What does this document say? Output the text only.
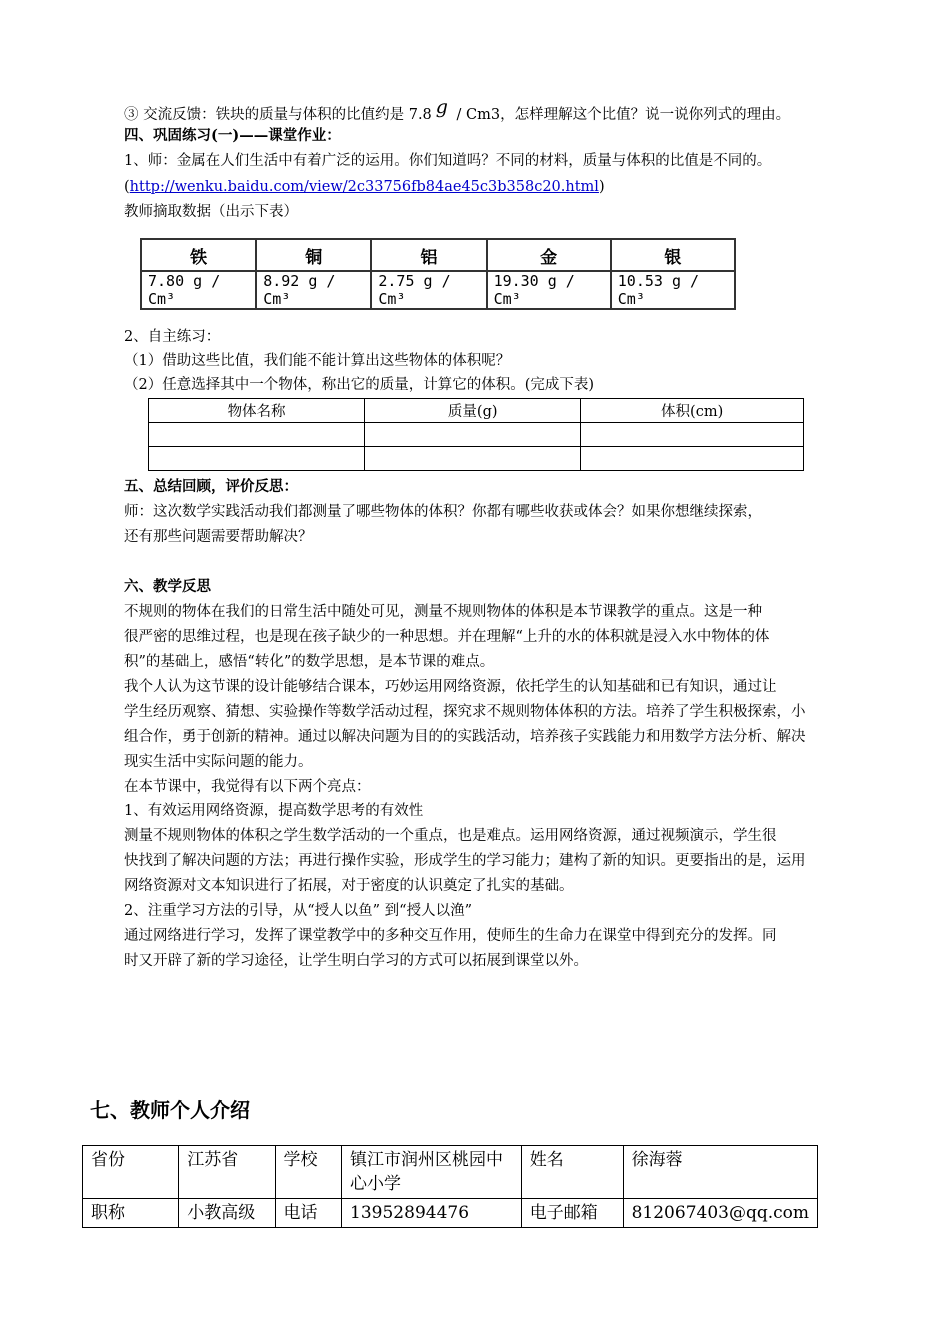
③ 交流反馈：铁块的质量与体积的比值约是 7.8 g / Cm3，怎样理解这个比值？说一说你列式的理由。
四、巩固练习(一)——课堂作业：
1、师：金属在人们生活中有着广泛的运用。你们知道吗？不同的材料，质量与体积的比值是不同的。
(http://wenku.baidu.com/view/2c33756fb84ae45c3b358c20.html)
教师摘取数据（出示下表）
铁	铜	铝	金	银
7.80 g / Cm³	8.92 g / Cm³	2.75 g / Cm³	19.30 g / Cm³	10.53 g / Cm³
2、自主练习：
（1）借助这些比值，我们能不能计算出这些物体的体积呢？
（2）任意选择其中一个物体，称出它的质量，计算它的体积。(完成下表)
物体名称	质量(g)	体积(cm)

五、总结回顾，评价反思：
师：这次数学实践活动我们都测量了哪些物体的体积？你都有哪些收获或体会？如果你想继续探索，
还有那些问题需要帮助解决？
六、教学反思
不规则的物体在我们的日常生活中随处可见，测量不规则物体的体积是本节课教学的重点。这是一种
很严密的思维过程，也是现在孩子缺少的一种思想。并在理解“上升的水的体积就是浸入水中物体的体
积”的基础上，感悟“转化”的数学思想，是本节课的难点。
我个人认为这节课的设计能够结合课本，巧妙运用网络资源，依托学生的认知基础和已有知识，通过让
学生经历观察、猜想、实验操作等数学活动过程，探究求不规则物体体积的方法。培养了学生积极探索，小
组合作，勇于创新的精神。通过以解决问题为目的的实践活动，培养孩子实践能力和用数学方法分析、解决
现实生活中实际问题的能力。
在本节课中，我觉得有以下两个亮点：
1、有效运用网络资源，提高数学思考的有效性
测量不规则物体的体积之学生数学活动的一个重点，也是难点。运用网络资源，通过视频演示，学生很
快找到了解决问题的方法；再进行操作实验，形成学生的学习能力；建构了新的知识。更要指出的是，运用
网络资源对文本知识进行了拓展，对于密度的认识奠定了扎实的基础。
2、注重学习方法的引导，从“授人以鱼” 到“授人以渔”
通过网络进行学习，发挥了课堂教学中的多种交互作用，使师生的生命力在课堂中得到充分的发挥。同
时又开辟了新的学习途径，让学生明白学习的方式可以拓展到课堂以外。
七、教师个人介绍
省份	江苏省	学校	镇江市润州区桃园中心小学	姓名	徐海蓉
职称	小教高级	电话	13952894476	电子邮箱	812067403@qq.com
